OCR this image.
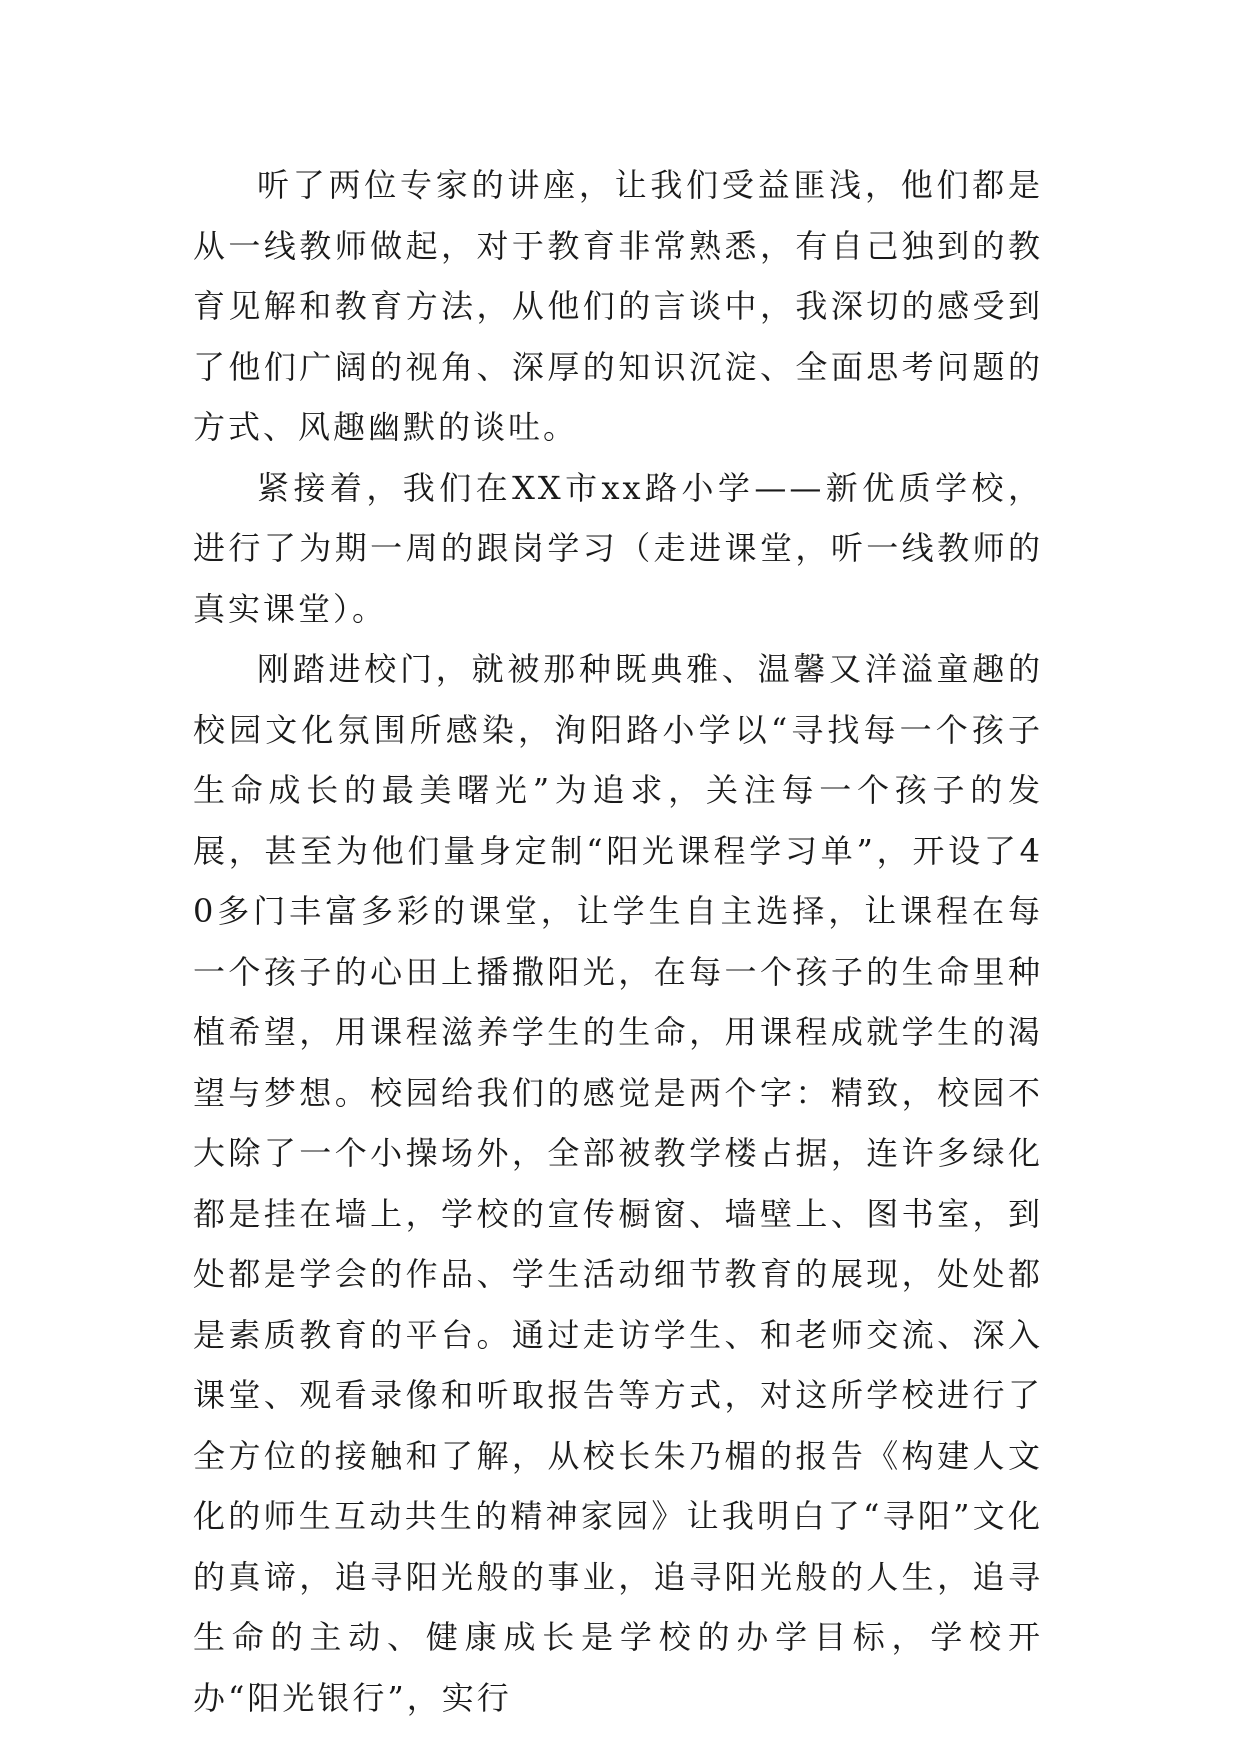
听了两位专家的讲座，让我们受益匪浅，他们都是从一线教师做起，对于教育非常熟悉，有自己独到的教育见解和教育方法，从他们的言谈中，我深切的感受到了他们广阔的视角、深厚的知识沉淀、全面思考问题的方式、风趣幽默的谈吐。

紧接着，我们在XX市xx路小学——新优质学校，进行了为期一周的跟岗学习（走进课堂，听一线教师的真实课堂）。

刚踏进校门，就被那种既典雅、温馨又洋溢童趣的校园文化氛围所感染，洵阳路小学以“寻找每一个孩子生命成长的最美曙光”为追求，关注每一个孩子的发展，甚至为他们量身定制“阳光课程学习单”，开设了40多门丰富多彩的课堂，让学生自主选择，让课程在每一个孩子的心田上播撒阳光，在每一个孩子的生命里种植希望，用课程滋养学生的生命，用课程成就学生的渴望与梦想。校园给我们的感觉是两个字：精致，校园不大除了一个小操场外，全部被教学楼占据，连许多绿化都是挂在墙上，学校的宣传橱窗、墙壁上、图书室，到处都是学会的作品、学生活动细节教育的展现，处处都是素质教育的平台。通过走访学生、和老师交流、深入课堂、观看录像和听取报告等方式，对这所学校进行了全方位的接触和了解，从校长朱乃楣的报告《构建人文化的师生互动共生的精神家园》让我明白了“寻阳”文化的真谛，追寻阳光般的事业，追寻阳光般的人生，追寻生命的主动、健康成长是学校的办学目标，学校开办“阳光银行”，实行
